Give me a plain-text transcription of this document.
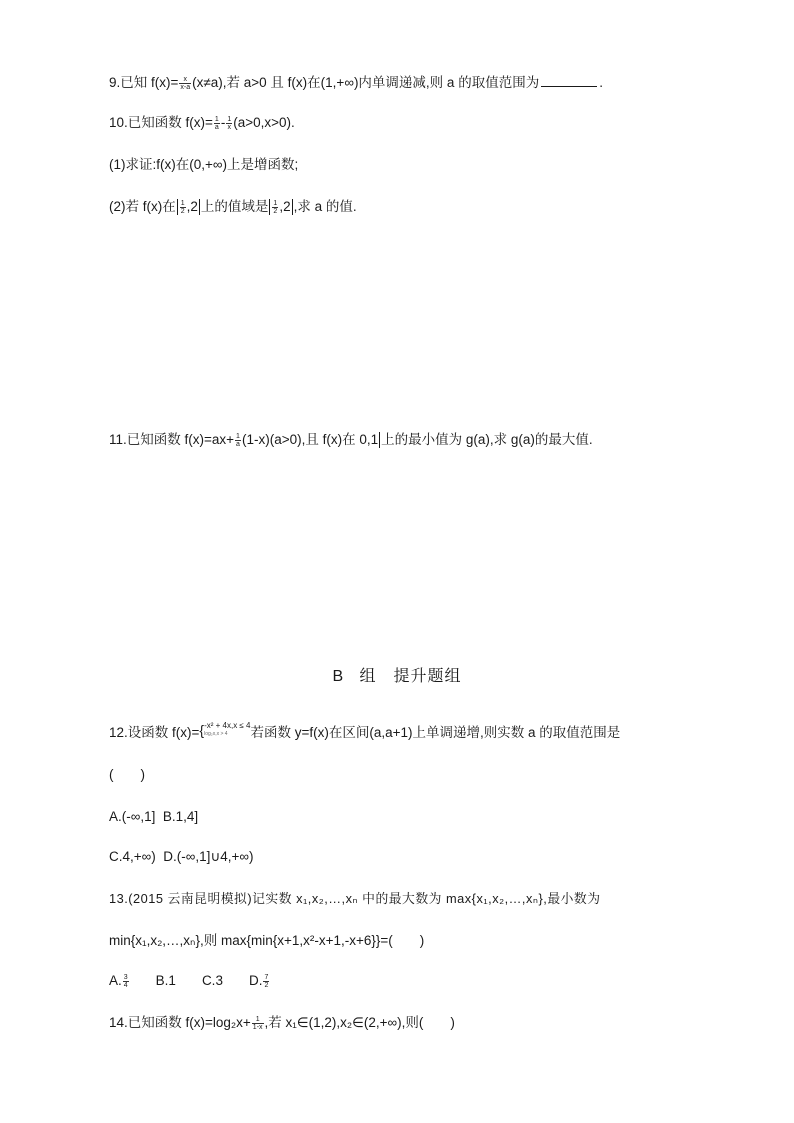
9.已知 $f(x)= \frac{x}{x-a} (x\ne a)$,若 a>0 且 f(x)在(1,+∞)内单调递减,则 a 的取值范围为	.
10.已知函数 $f(x)= \frac{1}{a} - \frac{1}{x} (a>0,x>0)$.
(1)求证:f(x)在(0,+∞)上是增函数;
(2)若 f(x)在 $\frac{1}{2} ,2$ 上的值域是 $\frac{1}{2} ,2$ ,求 a 的值.
11.已知函数 $f(x)=ax+ \frac{1}{a} (1-x)(a>0)$,且 f(x)在 0,1 上的最小值为 g(a),求 g(a)的最大值.
B 组　提升题组
12.设函数 f(x)={ -x² + 4x,x ≤ 4
log₂x,x > 4	若函数 y=f(x)在区间(a,a+1)上单调递增,则实数 a 的取值范围是
(　　)
A.(-∞,1] B.1,4]
C.4,+∞) D.(-∞,1]∪4,+∞)
13.(2015 云南昆明模拟)记实数 x₁,x₂,…,xₙ 中的最大数为 max{x₁,x₂,…,xₙ},最小数为
min{x₁,x₂,…,xₙ},则 max{min{x+1,x²-x+1,-x+6}}=(　　)
A. $\frac{3}{4} B.1$ C.3 D. $\frac{7}{2}$
14.已知函数 $f(x)=\log_2x+ \frac{1}{1-x}$ ,若 x₁∈(1,2),x₂∈(2,+∞),则(　　)
